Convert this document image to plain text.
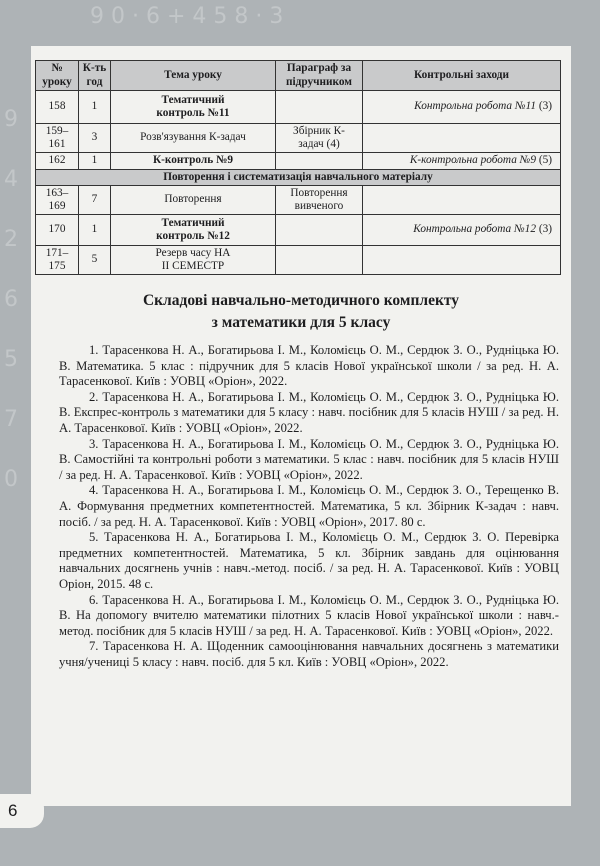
9 0 · 6 + 4 5 8 · 3
9 4 2 6 5 7 0
№ уроку	К-ть год	Тема уроку	Параграф за підручником	Контрольні заходи
158	1	Тематичний контроль №11		Контрольна робота №11 (3)
159–161	3	Розв'язування К-задач	Збірник К-задач (4)	
162	1	К-контроль №9		К-контрольна робота №9 (5)
Повторення і систематизація навчального матеріалу				
163–169	7	Повторення	Повторення вивченого	
170	1	Тематичний контроль №12		Контрольна робота №12 (3)
171–175	5	Резерв часу НА ІІ СЕМЕСТР		
Складові навчально-методичного комплекту
з математики для 5 класу

1. Тарасенкова Н. А., Богатирьова І. М., Коломієць О. М., Сердюк З. О., Рудніцька Ю. В. Математика. 5 клас : підручник для 5 класів Нової української школи / за ред. Н. А. Тарасенкової. Київ : УОВЦ «Оріон», 2022.

2. Тарасенкова Н. А., Богатирьова І. М., Коломієць О. М., Сердюк З. О., Рудніцька Ю. В. Експрес-контроль з математики для 5 класу : навч. посібник для 5 класів НУШ / за ред. Н. А. Тарасенкової. Київ : УОВЦ «Оріон», 2022.

3. Тарасенкова Н. А., Богатирьова І. М., Коломієць О. М., Сердюк З. О., Рудніцька Ю. В. Самостійні та контрольні роботи з математики. 5 клас : навч. посібник для 5 класів НУШ / за ред. Н. А. Тарасенкової. Київ : УОВЦ «Оріон», 2022.

4. Тарасенкова Н. А., Богатирьова І. М., Коломієць О. М., Сердюк З. О., Терещенко В. А. Формування предметних компетентностей. Математика, 5 кл. Збірник К-задач : навч. посіб. / за ред. Н. А. Тарасенкової. Київ : УОВЦ «Оріон», 2017. 80 с.

5. Тарасенкова Н. А., Богатирьова І. М., Коломієць О. М., Сердюк З. О. Перевірка предметних компетентностей. Математика, 5 кл. Збірник завдань для оцінювання навчальних досягнень учнів : навч.-метод. посіб. / за ред. Н. А. Тарасенкової. Київ : УОВЦ Оріон, 2015. 48 с.

6. Тарасенкова Н. А., Богатирьова І. М., Коломієць О. М., Сердюк З. О., Рудніцька Ю. В. На допомогу вчителю математики пілотних 5 класів Нової української школи : навч.-метод. посібник для 5 класів НУШ / за ред. Н. А. Тарасенкової. Київ : УОВЦ «Оріон», 2022.

7. Тарасенкова Н. А. Щоденник самооцінювання навчальних досягнень з математики учня/учениці 5 класу : навч. посіб. для 5 кл. Київ : УОВЦ «Оріон», 2022.

6
